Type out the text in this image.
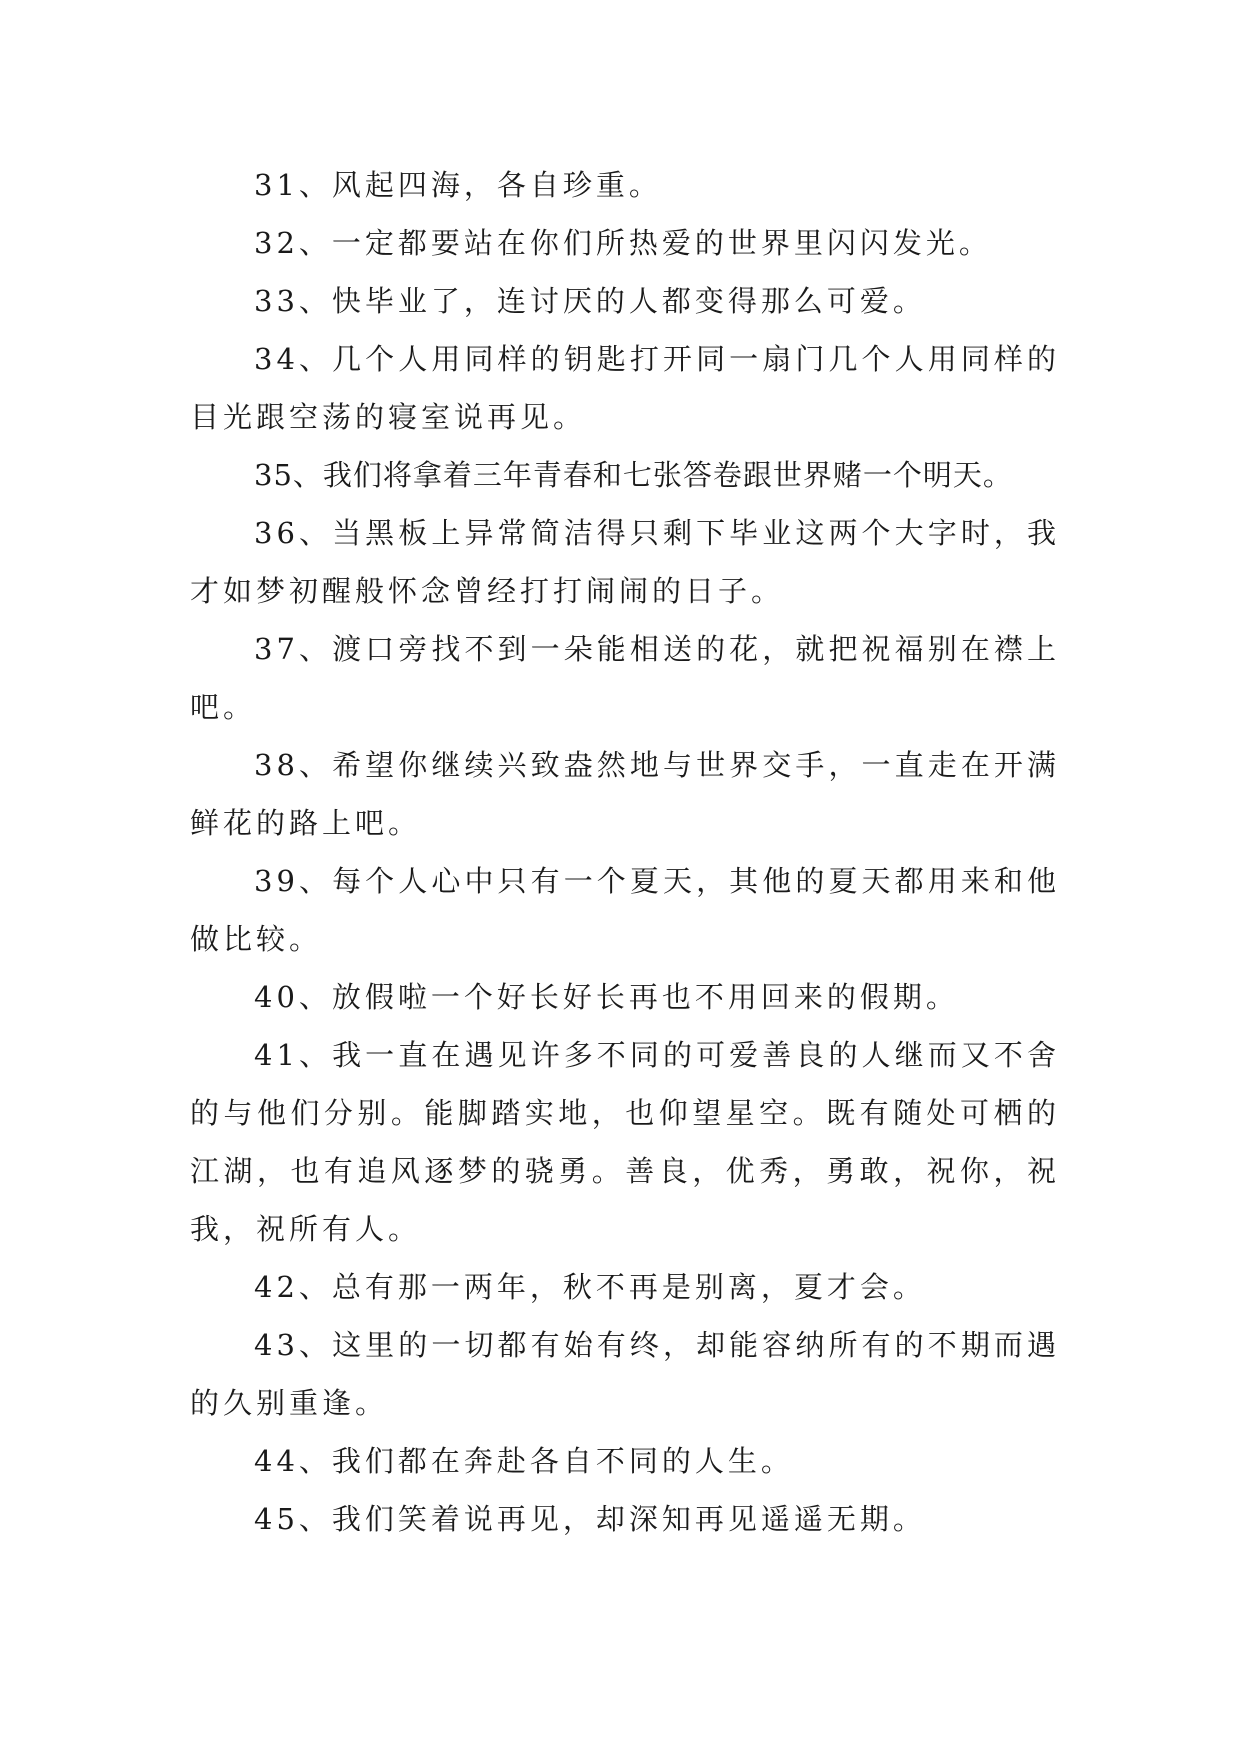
31、风起四海，各自珍重。

32、一定都要站在你们所热爱的世界里闪闪发光。

33、快毕业了，连讨厌的人都变得那么可爱。

34、几个人用同样的钥匙打开同一扇门几个人用同样的目光跟空荡的寝室说再见。

35、我们将拿着三年青春和七张答卷跟世界赌一个明天。

36、当黑板上异常简洁得只剩下毕业这两个大字时，我才如梦初醒般怀念曾经打打闹闹的日子。

37、渡口旁找不到一朵能相送的花，就把祝福别在襟上吧。

38、希望你继续兴致盎然地与世界交手，一直走在开满鲜花的路上吧。

39、每个人心中只有一个夏天，其他的夏天都用来和他做比较。

40、放假啦一个好长好长再也不用回来的假期。

41、我一直在遇见许多不同的可爱善良的人继而又不舍的与他们分别。能脚踏实地，也仰望星空。既有随处可栖的江湖，也有追风逐梦的骁勇。善良，优秀，勇敢，祝你，祝我，祝所有人。

42、总有那一两年，秋不再是别离，夏才会。

43、这里的一切都有始有终，却能容纳所有的不期而遇的久别重逢。

44、我们都在奔赴各自不同的人生。

45、我们笑着说再见，却深知再见遥遥无期。
